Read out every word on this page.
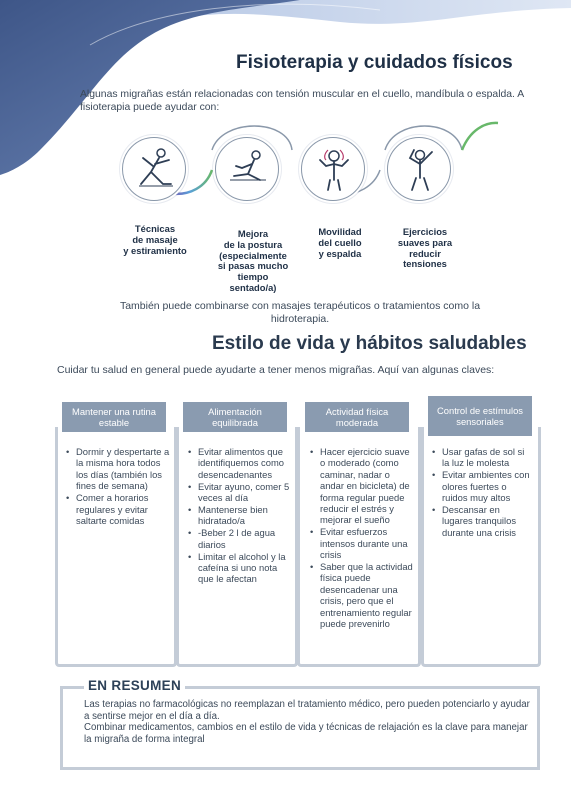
Fisioterapia y cuidados físicos

Algunas migrañas están relacionadas con tensión muscular en el cuello, mandíbula o espalda. A fisioterapia puede ayudar con:

Técnicas
de masaje
y estiramiento
Mejora
de la postura
(especialmente
si pasas mucho
tiempo
sentado/a)
Movilidad
del cuello
y espalda
Ejercicios
suaves para
reducir
tensiones

También puede combinarse con masajes terapéuticos o tratamientos como la hidroterapia.

Estilo de vida y hábitos saludables

Cuidar tu salud en general puede ayudarte a tener menos migrañas. Aquí van algunas claves:

Mantener una rutina estable
• Dormir y despertarte a la misma hora todos los días (también los fines de semana)
• Comer a horarios regulares y evitar saltarte comidas
Alimentación equilibrada
• Evitar alimentos que identifiquemos como desencadenantes
• Evitar ayuno, comer 5 veces al día
• Mantenerse bien hidratado/a
• -Beber 2 l de agua diarios
• Limitar el alcohol y la cafeína si uno nota que le afectan
Actividad física moderada
• Hacer ejercicio suave o moderado (como caminar, nadar o andar en bicicleta) de forma regular puede reducir el estrés y mejorar el sueño
• Evitar esfuerzos intensos durante una crisis
• Saber que la actividad física puede desencadenar una crisis, pero que el entrenamiento regular puede prevenirlo
Control de estímulos sensoriales
• Usar gafas de sol si la luz le molesta
• Evitar ambientes con olores fuertes o ruidos muy altos
• Descansar en lugares tranquilos durante una crisis
EN RESUMEN

Las terapias no farmacológicas no reemplazan el tratamiento médico, pero pueden potenciarlo y ayudar a sentirse mejor en el día a día.

Combinar medicamentos, cambios en el estilo de vida y técnicas de relajación es la clave para manejar la migraña de forma integral
